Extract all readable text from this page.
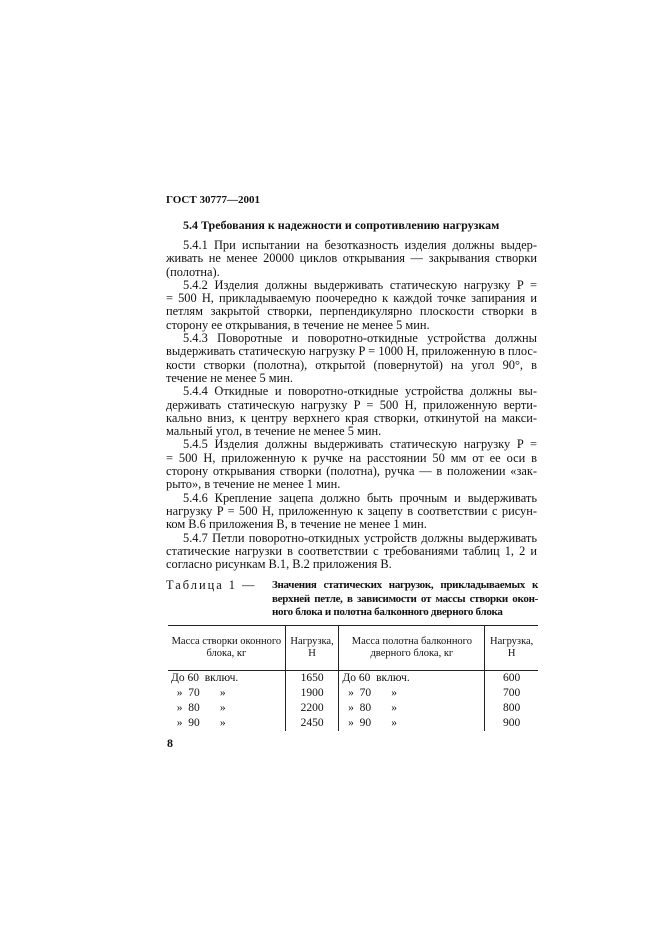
ГОСТ 30777—2001
5.4 Требования к надежности и сопротивлению нагрузкам
5.4.1 При испытании на безотказность изделия должны выдер-
живать не менее 20000 циклов открывания — закрывания створки
(полотна).
5.4.2 Изделия должны выдерживать статическую нагрузку P =
= 500 Н, прикладываемую поочередно к каждой точке запирания и
петлям закрытой створки, перпендикулярно плоскости створки в
сторону ее открывания, в течение не менее 5 мин.
5.4.3 Поворотные и поворотно-откидные устройства должны
выдерживать статическую нагрузку P = 1000 Н, приложенную в плос-
кости створки (полотна), открытой (повернутой) на угол 90°, в
течение не менее 5 мин.
5.4.4 Откидные и поворотно-откидные устройства должны вы-
держивать статическую нагрузку P = 500 Н, приложенную верти-
кально вниз, к центру верхнего края створки, откинутой на макси-
мальный угол, в течение не менее 5 мин.
5.4.5 Изделия должны выдерживать статическую нагрузку P =
= 500 Н, приложенную к ручке на расстоянии 50 мм от ее оси в
сторону открывания створки (полотна), ручка — в положении «зак-
рыто», в течение не менее 1 мин.
5.4.6 Крепление зацепа должно быть прочным и выдерживать
нагрузку P = 500 Н, приложенную к зацепу в соответствии с рисун-
ком В.6 приложения В, в течение не менее 1 мин.
5.4.7 Петли поворотно-откидных устройств должны выдерживать
статические нагрузки в соответствии с требованиями таблиц 1, 2 и
согласно рисункам В.1, В.2 приложения В.
Таблица 1 — Значения статических нагрузок, прикладываемых к
верхней петле, в зависимости от массы створки окон-
ного блока и полотна балконного дверного блока
Масса створки оконного блока, кг	Нагрузка, Н	Масса полотна балконного дверного блока, кг	Нагрузка, Н
До 60  включ.	1650	До 60  включ.	600
»  70       »	1900	»  70       »	700
»  80       »	2200	»  80       »	800
»  90       »	2450	»  90       »	900
8
